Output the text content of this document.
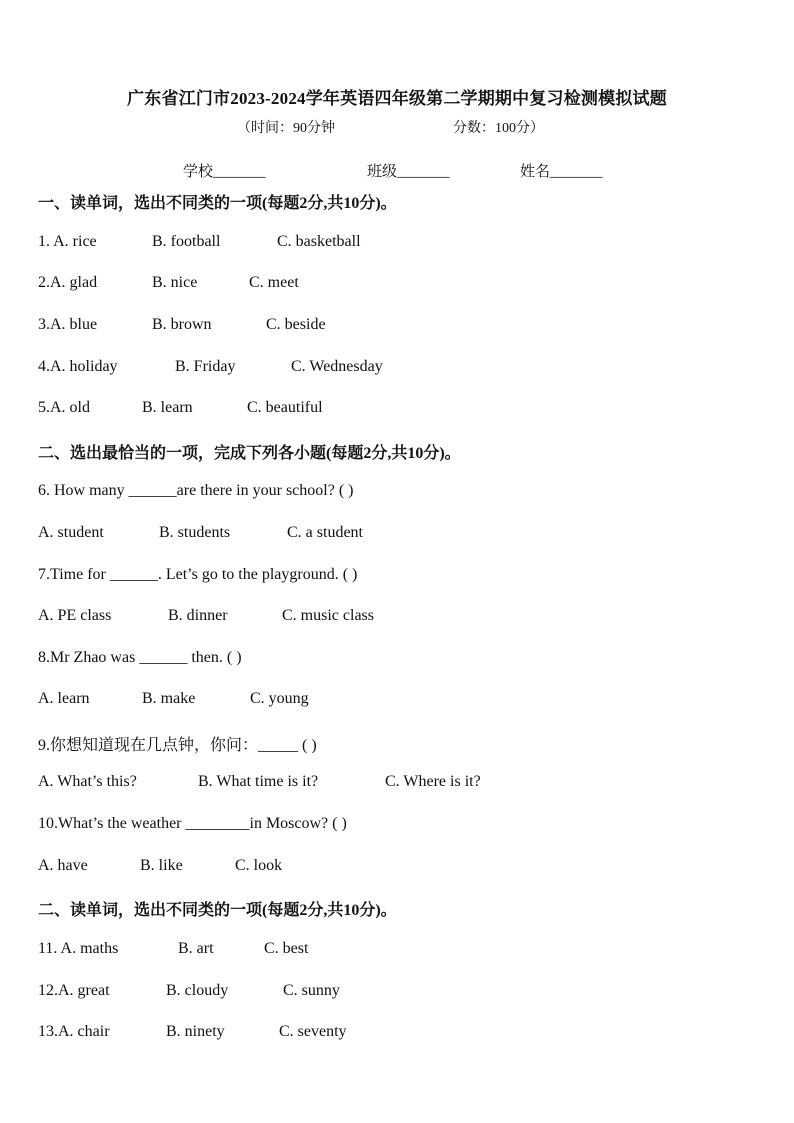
广东省江门市2023-2024学年英语四年级第二学期期中复习检测模拟试题
（时间：90分钟	分数：100分）
学校_______	班级_______	姓名_______
一、读单词，选出不同类的一项(每题2分,共10分)。
1. A. rice	B. football	C. basketball
2.A. glad	B. nice	C. meet
3.A. blue	B. brown	C. beside
4.A. holiday	B. Friday	C. Wednesday
5.A. old	B. learn	C. beautiful
二、选出最恰当的一项，完成下列各小题(每题2分,共10分)。
6. How many ______are there in your school? ( )
A. student	B. students	C. a student
7.Time for ______. Let’s go to the playground. ( )
A. PE class	B. dinner	C. music class
8.Mr Zhao was ______ then. ( )
A. learn	B. make	C. young
9.你想知道现在几点钟，你问：_____ ( )
A. What’s this?	B. What time is it?	C. Where is it?
10.What’s the weather ________in Moscow? ( )
A. have	B. like	C. look
二、读单词，选出不同类的一项(每题2分,共10分)。
11. A. maths	B. art	C. best
12.A. great	B. cloudy	C. sunny
13.A. chair	B. ninety	C. seventy
